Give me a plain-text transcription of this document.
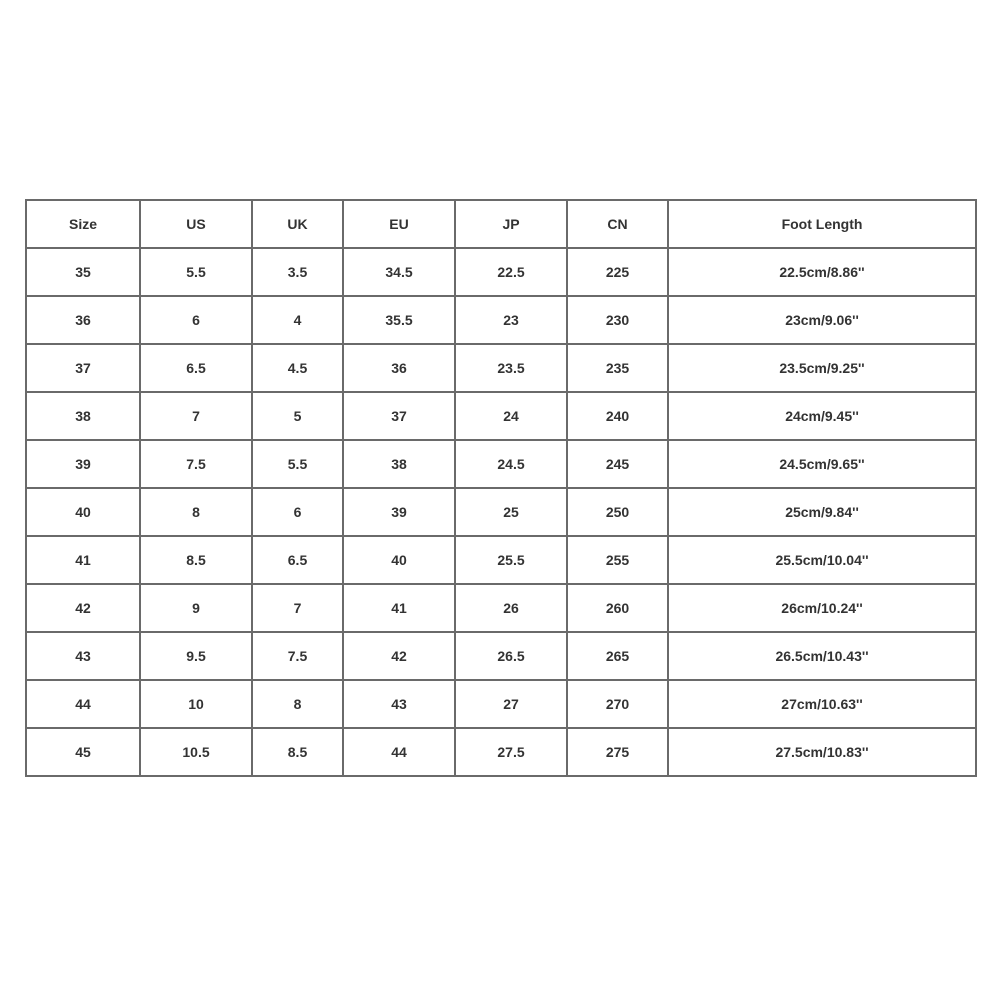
Size	US	UK	EU	JP	CN	Foot Length
35	5.5	3.5	34.5	22.5	225	22.5cm/8.86''
36	6	4	35.5	23	230	23cm/9.06''
37	6.5	4.5	36	23.5	235	23.5cm/9.25''
38	7	5	37	24	240	24cm/9.45''
39	7.5	5.5	38	24.5	245	24.5cm/9.65''
40	8	6	39	25	250	25cm/9.84''
41	8.5	6.5	40	25.5	255	25.5cm/10.04''
42	9	7	41	26	260	26cm/10.24''
43	9.5	7.5	42	26.5	265	26.5cm/10.43''
44	10	8	43	27	270	27cm/10.63''
45	10.5	8.5	44	27.5	275	27.5cm/10.83''
